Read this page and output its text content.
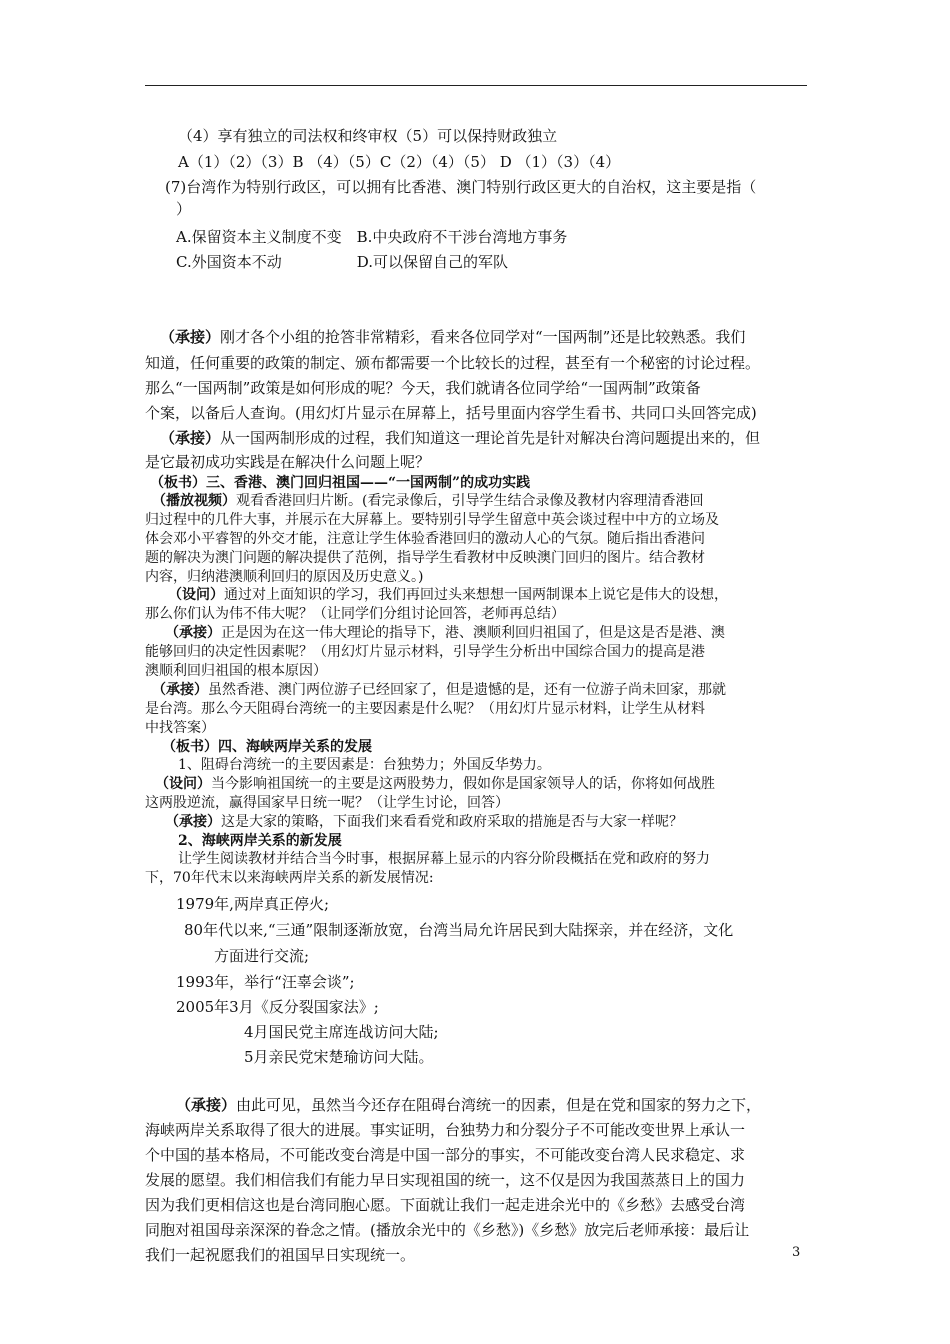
（4）享有独立的司法权和终审权（5）可以保持财政独立
A（1）（2）（3）B （4）（5）C（2）（4）（5） D （1）（3）（4）
(7)台湾作为特别行政区，可以拥有比香港、澳门特别行政区更大的自治权，这主要是指（
）
A.保留资本主义制度不变　B.中央政府不干涉台湾地方事务
C.外国资本不动　　　　　D.可以保留自己的军队
（承接）刚才各个小组的抢答非常精彩，看来各位同学对“一国两制”还是比较熟悉。我们
知道，任何重要的政策的制定、颁布都需要一个比较长的过程，甚至有一个秘密的讨论过程。
那么“一国两制”政策是如何形成的呢？今天，我们就请各位同学给“一国两制”政策备
个案，以备后人查询。(用幻灯片显示在屏幕上，括号里面内容学生看书、共同口头回答完成)
（承接）从一国两制形成的过程，我们知道这一理论首先是针对解决台湾问题提出来的，但
是它最初成功实践是在解决什么问题上呢？
（板书）三、香港、澳门回归祖国——“一国两制”的成功实践
（播放视频）观看香港回归片断。(看完录像后，引导学生结合录像及教材内容理清香港回
归过程中的几件大事，并展示在大屏幕上。要特别引导学生留意中英会谈过程中中方的立场及
体会邓小平睿智的外交才能，注意让学生体验香港回归的激动人心的气氛。随后指出香港问
题的解决为澳门问题的解决提供了范例，指导学生看教材中反映澳门回归的图片。结合教材
内容，归纳港澳顺利回归的原因及历史意义。)
（设问）通过对上面知识的学习，我们再回过头来想想一国两制课本上说它是伟大的设想，
那么你们认为伟不伟大呢？（让同学们分组讨论回答，老师再总结）
（承接）正是因为在这一伟大理论的指导下，港、澳顺利回归祖国了，但是这是否是港、澳
能够回归的决定性因素呢？（用幻灯片显示材料，引导学生分析出中国综合国力的提高是港
澳顺利回归祖国的根本原因）
（承接）虽然香港、澳门两位游子已经回家了，但是遗憾的是，还有一位游子尚未回家，那就
是台湾。那么今天阻碍台湾统一的主要因素是什么呢？（用幻灯片显示材料，让学生从材料
中找答案）
（板书）四、海峡两岸关系的发展
1、阻碍台湾统一的主要因素是：台独势力；外国反华势力。
（设问）当今影响祖国统一的主要是这两股势力，假如你是国家领导人的话，你将如何战胜
这两股逆流，赢得国家早日统一呢？（让学生讨论，回答）
（承接）这是大家的策略，下面我们来看看党和政府采取的措施是否与大家一样呢？
2、海峡两岸关系的新发展
让学生阅读教材并结合当今时事，根据屏幕上显示的内容分阶段概括在党和政府的努力
下，70年代末以来海峡两岸关系的新发展情况:
1979年,两岸真正停火;
80年代以来,“三通”限制逐渐放宽，台湾当局允许居民到大陆探亲，并在经济，文化
方面进行交流;
1993年，举行“汪辜会谈”;
2005年3月《反分裂国家法》;
4月国民党主席连战访问大陆;
5月亲民党宋楚瑜访问大陆。
（承接）由此可见，虽然当今还存在阻碍台湾统一的因素，但是在党和国家的努力之下，
海峡两岸关系取得了很大的进展。事实证明，台独势力和分裂分子不可能改变世界上承认一
个中国的基本格局，不可能改变台湾是中国一部分的事实，不可能改变台湾人民求稳定、求
发展的愿望。我们相信我们有能力早日实现祖国的统一，这不仅是因为我国蒸蒸日上的国力
因为我们更相信这也是台湾同胞心愿。下面就让我们一起走进余光中的《乡愁》去感受台湾
同胞对祖国母亲深深的眷念之情。(播放余光中的《乡愁》)《乡愁》放完后老师承接：最后让
我们一起祝愿我们的祖国早日实现统一。	3
